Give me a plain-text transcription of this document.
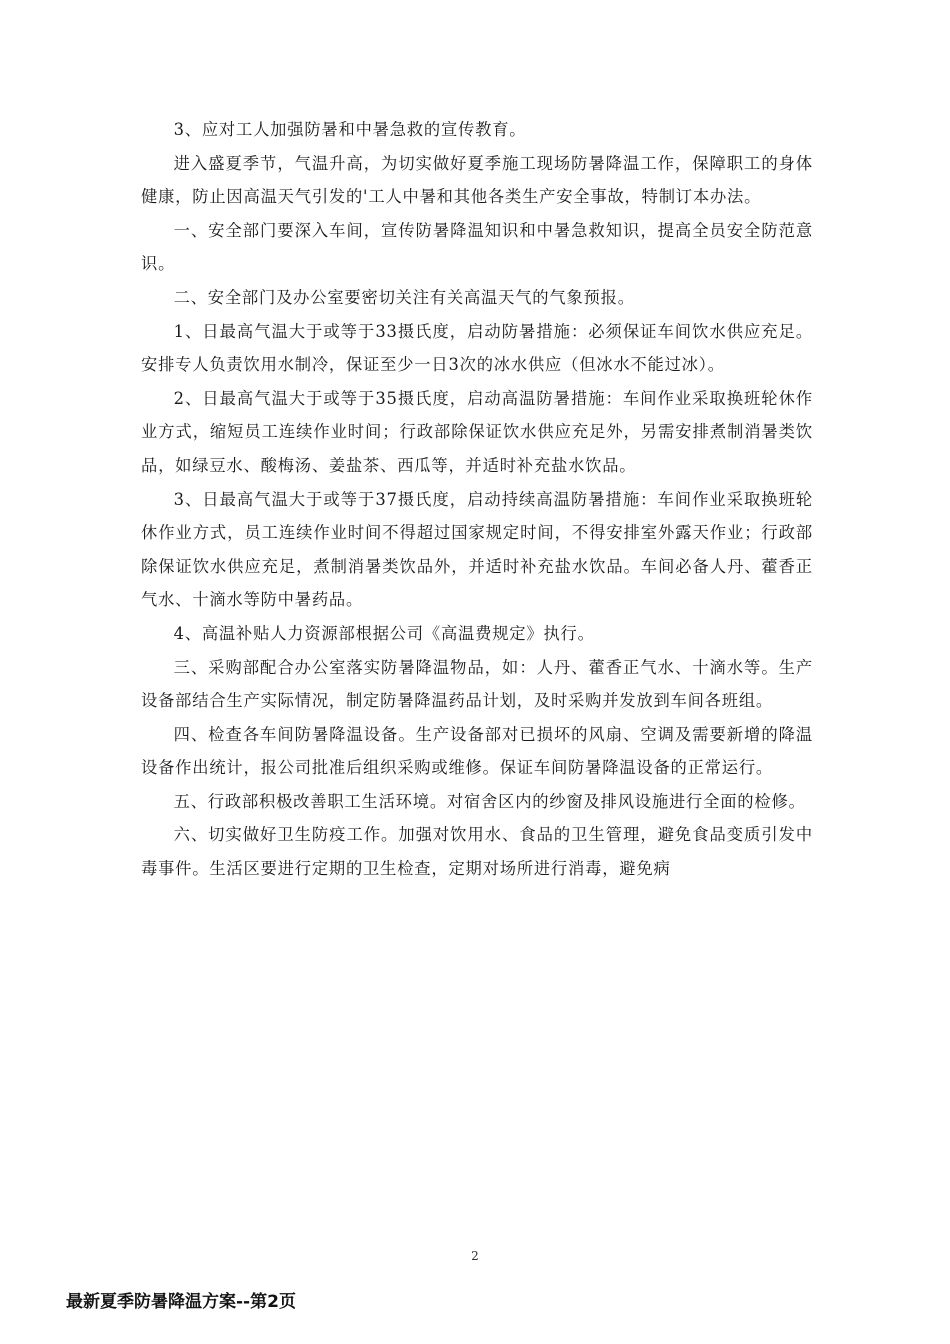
3、应对工人加强防暑和中暑急救的宣传教育。

进入盛夏季节，气温升高，为切实做好夏季施工现场防暑降温工作，保障职工的身体健康，防止因高温天气引发的'工人中暑和其他各类生产安全事故，特制订本办法。

一、安全部门要深入车间，宣传防暑降温知识和中暑急救知识，提高全员安全防范意识。

二、安全部门及办公室要密切关注有关高温天气的气象预报。

1、日最高气温大于或等于33摄氏度，启动防暑措施：必须保证车间饮水供应充足。安排专人负责饮用水制冷，保证至少一日3次的冰水供应（但冰水不能过冰）。

2、日最高气温大于或等于35摄氏度，启动高温防暑措施：车间作业采取换班轮休作业方式，缩短员工连续作业时间；行政部除保证饮水供应充足外，另需安排煮制消暑类饮品，如绿豆水、酸梅汤、姜盐茶、西瓜等，并适时补充盐水饮品。

3、日最高气温大于或等于37摄氏度，启动持续高温防暑措施：车间作业采取换班轮休作业方式，员工连续作业时间不得超过国家规定时间，不得安排室外露天作业；行政部除保证饮水供应充足，煮制消暑类饮品外，并适时补充盐水饮品。车间必备人丹、藿香正气水、十滴水等防中暑药品。

4、高温补贴人力资源部根据公司《高温费规定》执行。

三、采购部配合办公室落实防暑降温物品，如：人丹、藿香正气水、十滴水等。生产设备部结合生产实际情况，制定防暑降温药品计划，及时采购并发放到车间各班组。

四、检查各车间防暑降温设备。生产设备部对已损坏的风扇、空调及需要新增的降温设备作出统计，报公司批准后组织采购或维修。保证车间防暑降温设备的正常运行。

五、行政部积极改善职工生活环境。对宿舍区内的纱窗及排风设施进行全面的检修。

六、切实做好卫生防疫工作。加强对饮用水、食品的卫生管理，避免食品变质引发中毒事件。生活区要进行定期的卫生检查，定期对场所进行消毒，避免病

2
最新夏季防暑降温方案--第2页
